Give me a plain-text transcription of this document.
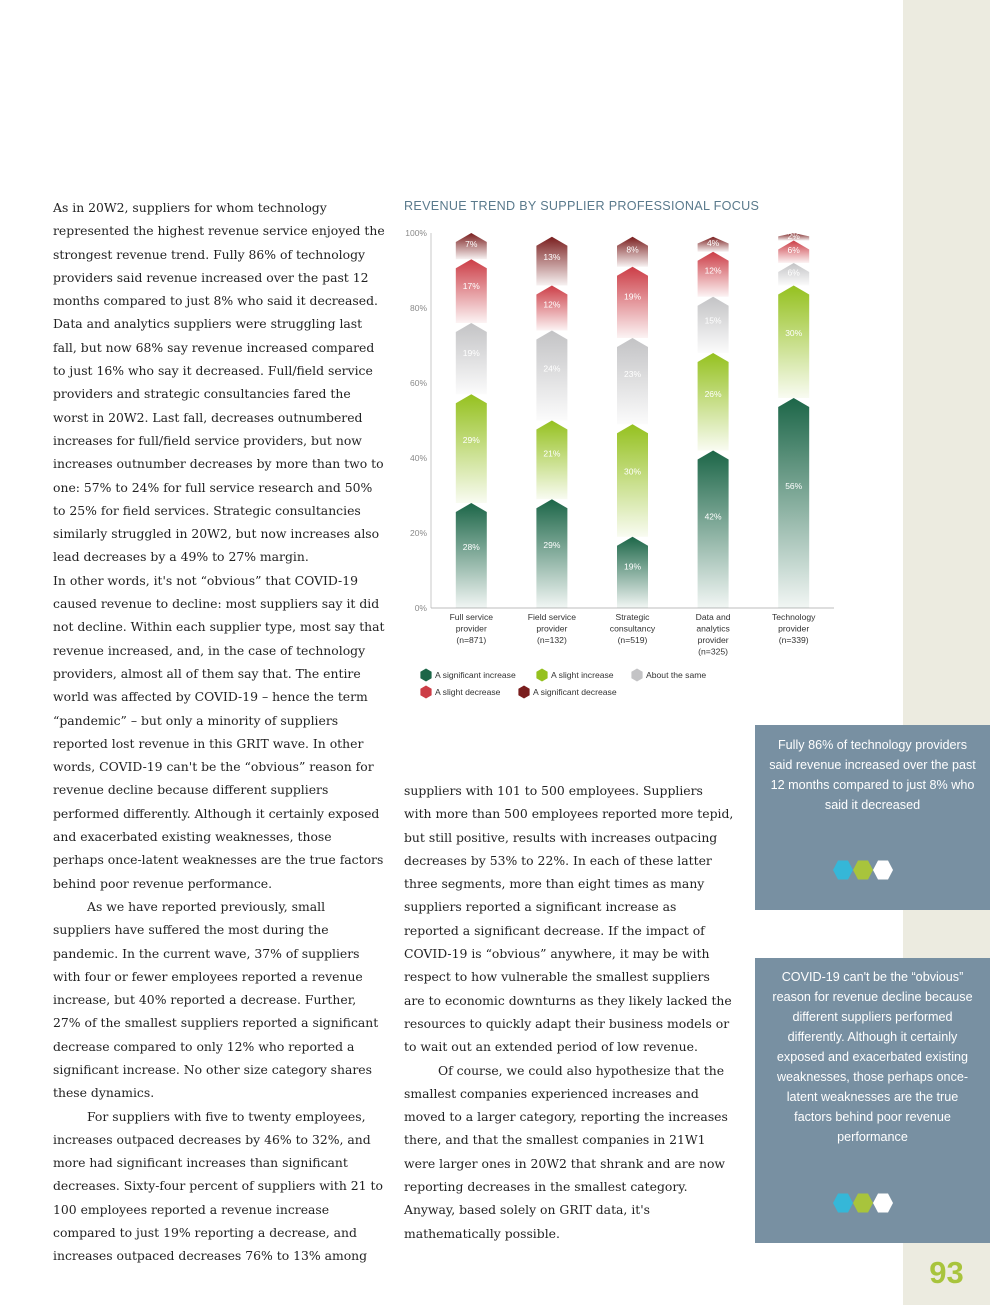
As in 20W2, suppliers for whom technology represented the highest revenue service enjoyed the strongest revenue trend. Fully 86% of technology providers said revenue increased over the past 12 months compared to just 8% who said it decreased. Data and analytics suppliers were struggling last fall, but now 68% say revenue increased compared to just 16% who say it decreased. Full/field service providers and strategic consultancies fared the worst in 20W2. Last fall, decreases outnumbered increases for full/field service providers, but now increases outnumber decreases by more than two to one: 57% to 24% for full service research and 50% to 25% for field services. Strategic consultancies similarly struggled in 20W2, but now increases also lead decreases by a 49% to 27% margin.

In other words, it's not “obvious” that COVID-19 caused revenue to decline: most suppliers say it did not decline. Within each supplier type, most say that revenue increased, and, in the case of technology providers, almost all of them say that. The entire world was affected by COVID-19 – hence the term “pandemic” – but only a minority of suppliers reported lost revenue in this GRIT wave. In other words, COVID-19 can't be the “obvious” reason for revenue decline because different suppliers performed differently. Although it certainly exposed and exacerbated existing weaknesses, those perhaps once-latent weaknesses are the true factors behind poor revenue performance.

As we have reported previously, small suppliers have suffered the most during the pandemic. In the current wave, 37% of suppliers with four or fewer employees reported a revenue increase, but 40% reported a decrease. Further, 27% of the smallest suppliers reported a significant decrease compared to only 12% who reported a significant increase. No other size category shares these dynamics.

For suppliers with five to twenty employees, increases outpaced decreases by 46% to 32%, and more had significant increases than significant decreases. Sixty-four percent of suppliers with 21 to 100 employees reported a revenue increase compared to just 19% reporting a decrease, and increases outpaced decreases 76% to 13% among

REVENUE TREND BY SUPPLIER PROFESSIONAL FOCUS
0%
20%
40%
60%
80%
100%
28%
29%
19%
17%
7%
29%
21%
24%
12%
13%
19%
30%
23%
19%
8%
42%
26%
15%
12%
4%
56%
30%
6%
6%
2%
Full service provider (n=871)
Field service provider (n=132)
Strategic consultancy (n=519)
Data and analytics provider (n=325)
Technology provider (n=339)
A significant increase	A slight increase	About the same
A slight decrease	A significant decrease

suppliers with 101 to 500 employees. Suppliers with more than 500 employees reported more tepid, but still positive, results with increases outpacing decreases by 53% to 22%. In each of these latter three segments, more than eight times as many suppliers reported a significant increase as reported a significant decrease. If the impact of COVID-19 is “obvious” anywhere, it may be with respect to how vulnerable the smallest suppliers are to economic downturns as they likely lacked the resources to quickly adapt their business models or to wait out an extended period of low revenue.

Of course, we could also hypothesize that the smallest companies experienced increases and moved to a larger category, reporting the increases there, and that the smallest companies in 21W1 were larger ones in 20W2 that shrank and are now reporting decreases in the smallest category. Anyway, based solely on GRIT data, it's mathematically possible.

Fully 86% of technology providers said revenue increased over the past 12 months compared to just 8% who said it decreased
COVID-19 can't be the “obvious” reason for revenue decline because different suppliers performed differently. Although it certainly exposed and exacerbated existing weaknesses, those perhaps once-latent weaknesses are the true factors behind poor revenue performance
93
